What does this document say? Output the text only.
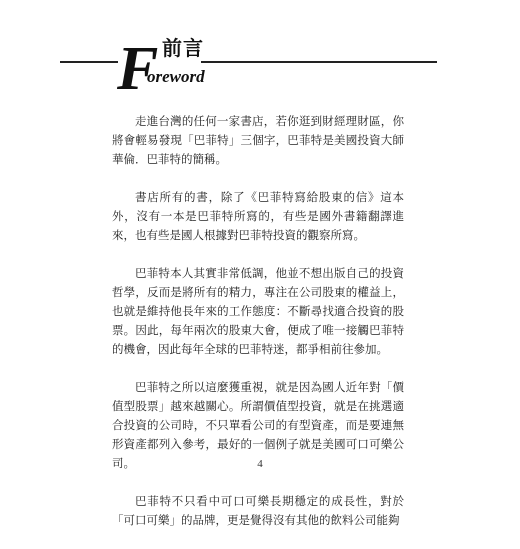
F 前言
oreword

走進台灣的任何一家書店，若你逛到財經理財區，你將會輕易發現「巴菲特」三個字，巴菲特是美國投資大師華倫．巴菲特的簡稱。

書店所有的書，除了《巴菲特寫給股東的信》這本外，沒有一本是巴菲特所寫的，有些是國外書籍翻譯進來，也有些是國人根據對巴菲特投資的觀察所寫。

巴菲特本人其實非常低調，他並不想出版自己的投資哲學，反而是將所有的精力，專注在公司股東的權益上，也就是維持他長年來的工作態度：不斷尋找適合投資的股票。因此，每年兩次的股東大會，便成了唯一接觸巴菲特的機會，因此每年全球的巴菲特迷，都爭相前往參加。

巴菲特之所以這麼獲重視，就是因為國人近年對「價值型股票」越來越關心。所謂價值型投資，就是在挑選適合投資的公司時，不只單看公司的有型資產，而是要連無形資產都列入參考，最好的一個例子就是美國可口可樂公司。

巴菲特不只看中可口可樂長期穩定的成長性，對於「可口可樂」的品牌，更是覺得沒有其他的飲料公司能夠

4
